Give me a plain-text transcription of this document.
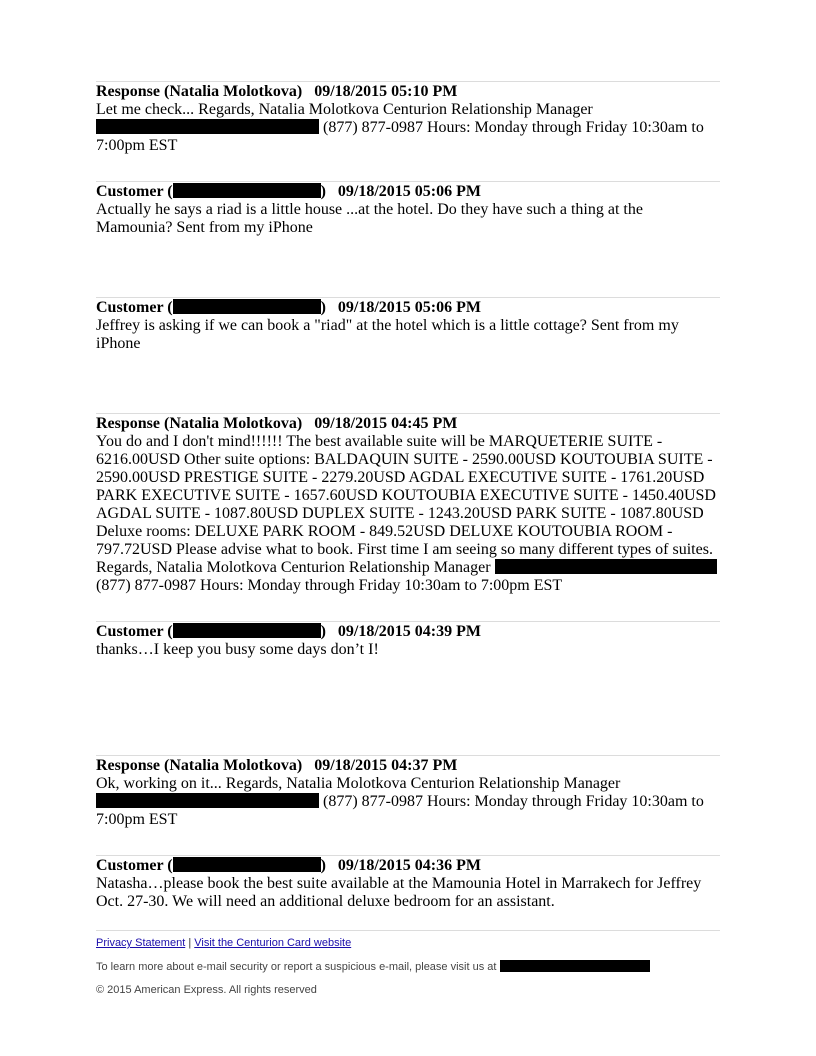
Response (Natalia Molotkova)   09/18/2015 05:10 PM
Let me check... Regards, Natalia Molotkova Centurion Relationship Manager  (877) 877-0987 Hours: Monday through Friday 10:30am to 7:00pm EST
Customer (	)   09/18/2015 05:06 PM
Actually he says a riad is a little house ...at the hotel. Do they have such a thing at the Mamounia? Sent from my iPhone
Customer (	)   09/18/2015 05:06 PM
Jeffrey is asking if we can book a "riad" at the hotel which is a little cottage? Sent from my iPhone
Response (Natalia Molotkova)   09/18/2015 04:45 PM
You do and I don't mind!!!!!! The best available suite will be MARQUETERIE SUITE - 6216.00USD Other suite options: BALDAQUIN SUITE - 2590.00USD KOUTOUBIA SUITE - 2590.00USD PRESTIGE SUITE - 2279.20USD AGDAL EXECUTIVE SUITE - 1761.20USD PARK EXECUTIVE SUITE - 1657.60USD KOUTOUBIA EXECUTIVE SUITE - 1450.40USD AGDAL SUITE - 1087.80USD DUPLEX SUITE - 1243.20USD PARK SUITE - 1087.80USD Deluxe rooms: DELUXE PARK ROOM - 849.52USD DELUXE KOUTOUBIA ROOM - 797.72USD Please advise what to book. First time I am seeing so many different types of suites. Regards, Natalia Molotkova Centurion Relationship Manager  (877) 877-0987 Hours: Monday through Friday 10:30am to 7:00pm EST
Customer (	)   09/18/2015 04:39 PM
thanks…I keep you busy some days don’t I!
Response (Natalia Molotkova)   09/18/2015 04:37 PM
Ok, working on it... Regards, Natalia Molotkova Centurion Relationship Manager  (877) 877-0987 Hours: Monday through Friday 10:30am to 7:00pm EST
Customer (	)   09/18/2015 04:36 PM
Natasha…please book the best suite available at the Mamounia Hotel in Marrakech for Jeffrey Oct. 27-30. We will need an additional deluxe bedroom for an assistant.
Privacy Statement | Visit the Centurion Card website
To learn more about e-mail security or report a suspicious e-mail, please visit us at
© 2015 American Express. All rights reserved
